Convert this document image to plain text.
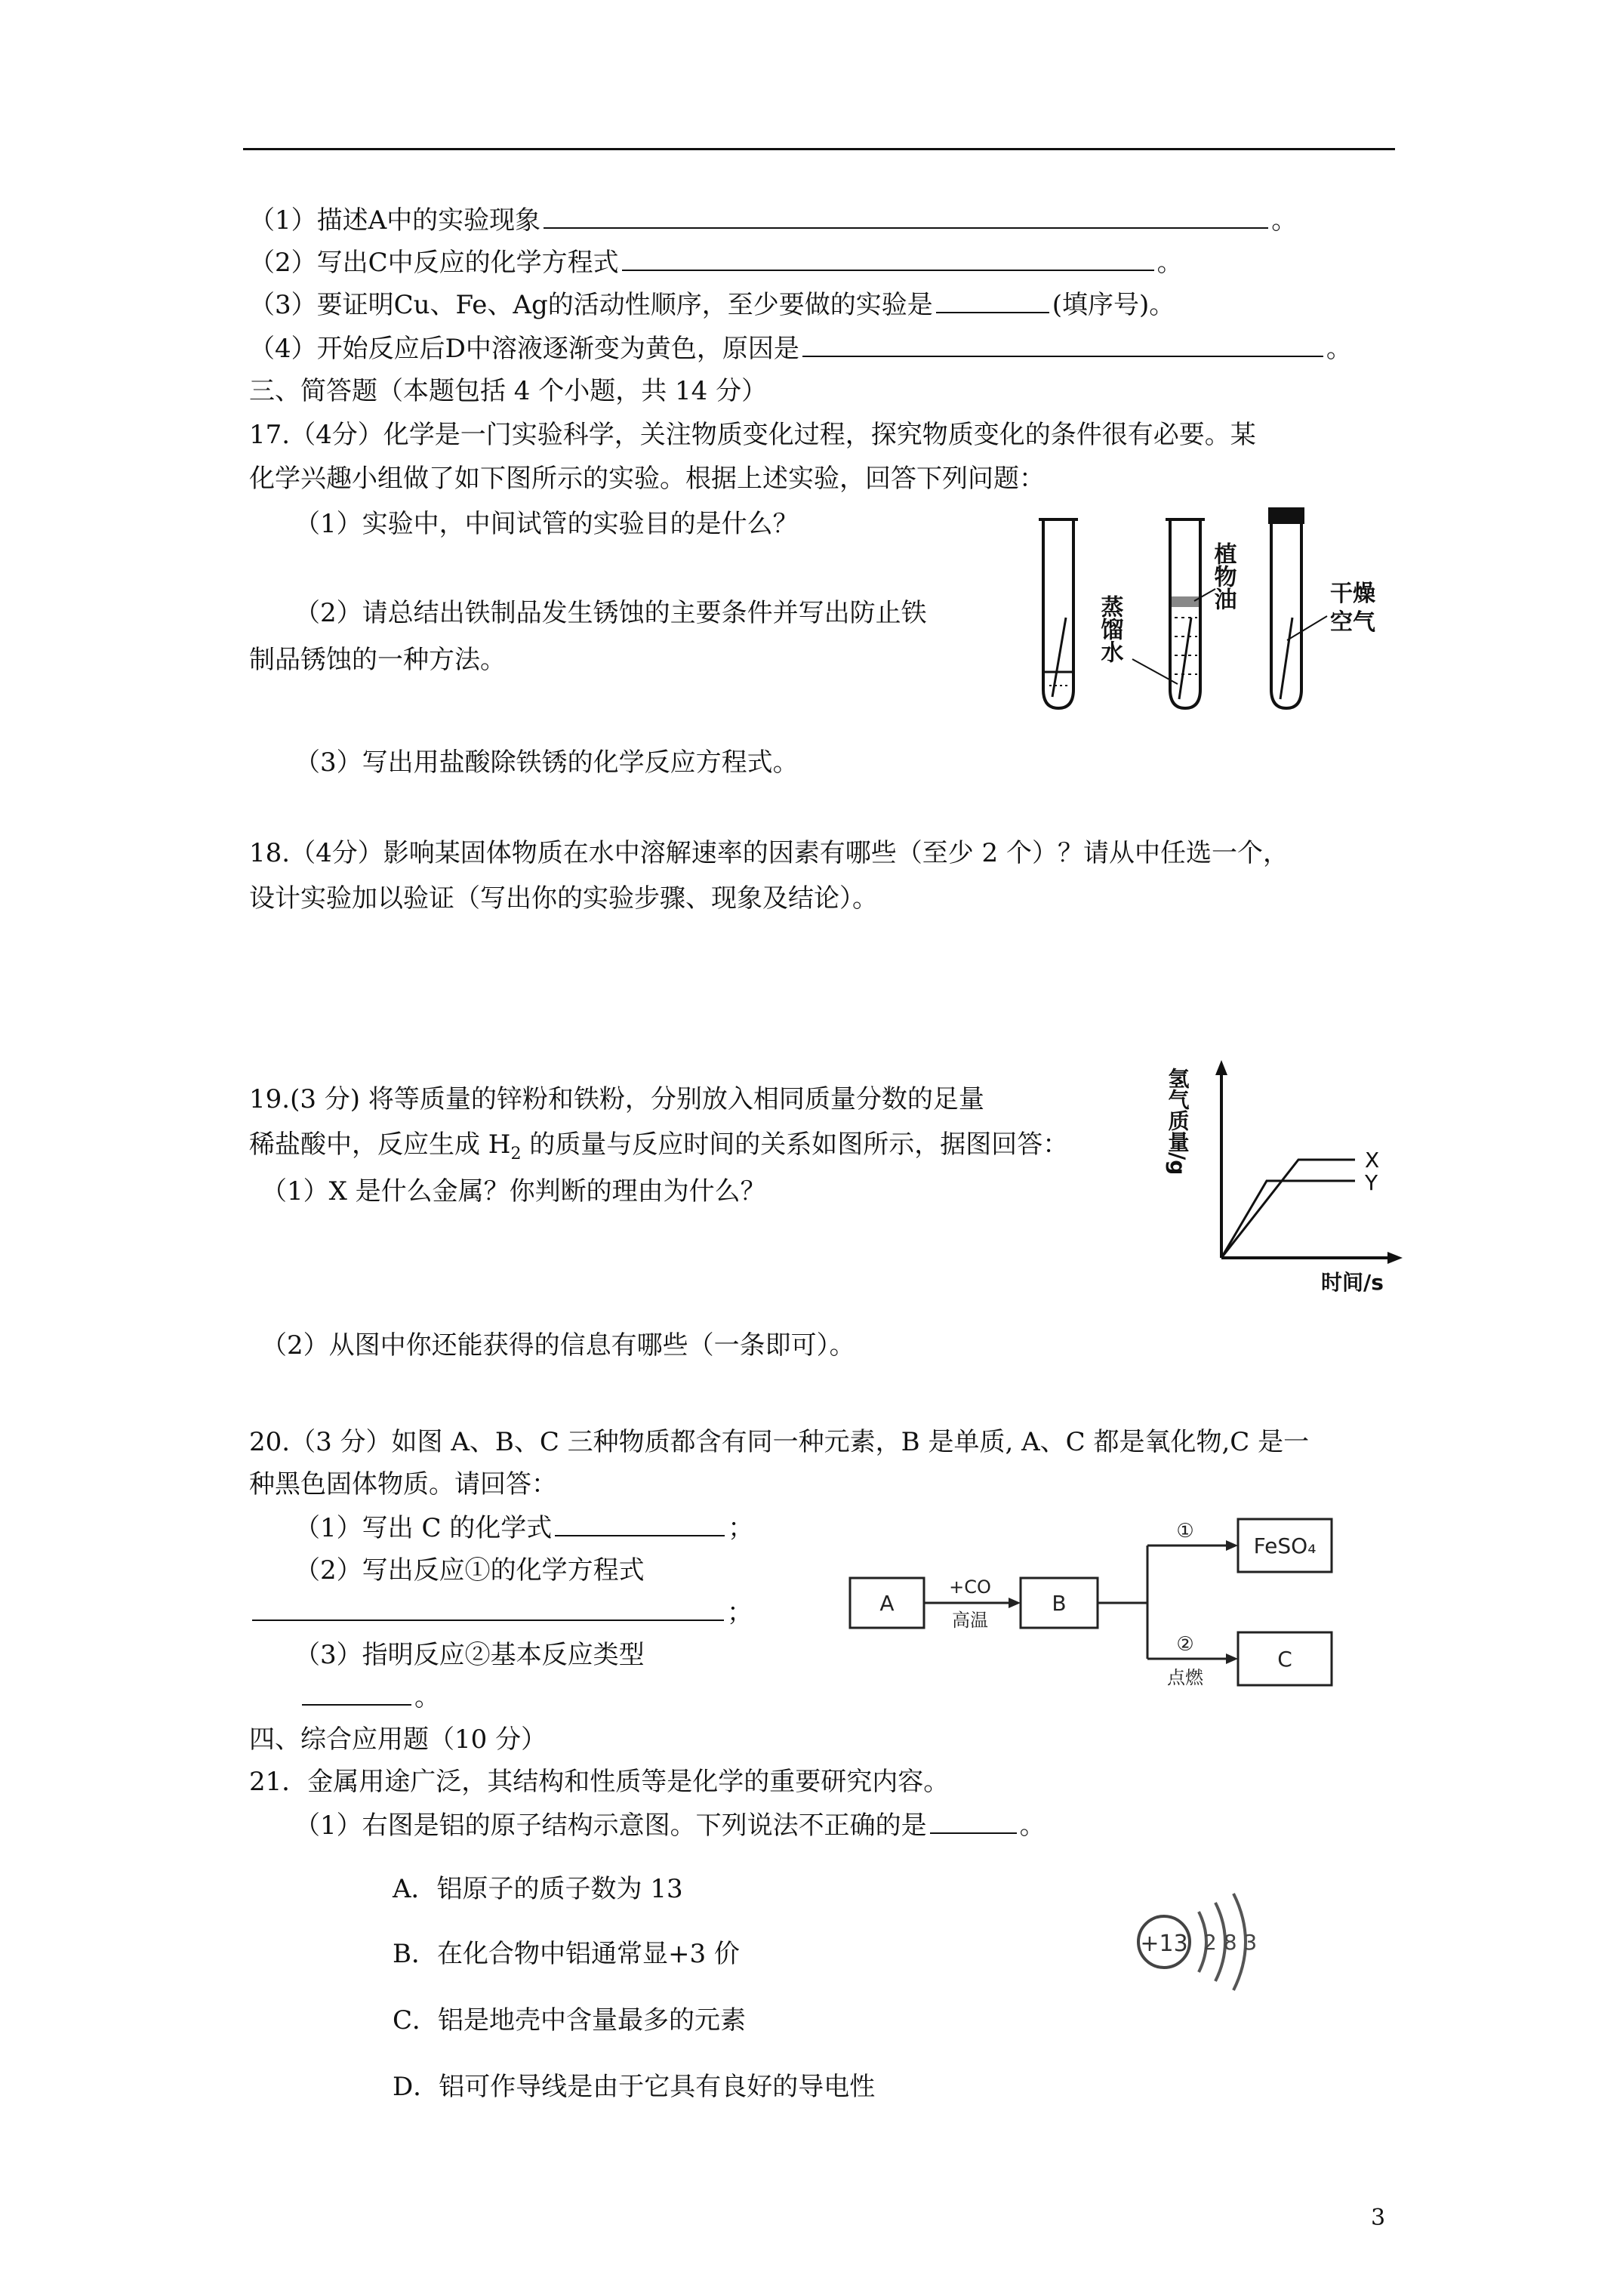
（1）描述A中的实验现象	。
（2）写出C中反应的化学方程式	。
（3）要证明Cu、Fe、Ag的活动性顺序，至少要做的实验是	(填序号)。
（4）开始反应后D中溶液逐渐变为黄色，原因是	。
三、简答题（本题包括 4 个小题，共 14 分）
17.（4分）化学是一门实验科学，关注物质变化过程，探究物质变化的条件很有必要。某
化学兴趣小组做了如下图所示的实验。根据上述实验，回答下列问题：
（1）实验中，中间试管的实验目的是什么？
（2）请总结出铁制品发生锈蚀的主要条件并写出防止铁
制品锈蚀的一种方法。
（3）写出用盐酸除铁锈的化学反应方程式。
蒸馏水
植物油	干燥
空气
18.（4分）影响某固体物质在水中溶解速率的因素有哪些（至少 2 个）？请从中任选一个，
设计实验加以验证（写出你的实验步骤、现象及结论）。
19.(3 分) 将等质量的锌粉和铁粉，分别放入相同质量分数的足量
稀盐酸中，反应生成 $H_2$ 的质量与反应时间的关系如图所示，据图回答：
（1）X 是什么金属？你判断的理由为什么？
（2）从图中你还能获得的信息有哪些（一条即可）。
X
Y
氢气质量/g
时间/s
20.（3 分）如图 A、B、C 三种物质都含有同一种元素，B 是单质, A、C 都是氧化物,C 是一
种黑色固体物质。请回答：
（1）写出 C 的化学式	；
（2）写出反应①的化学方程式
；
（3）指明反应②基本反应类型
。
A	B
FeSO₄
C
+CO
高温
①
②
点燃
四、综合应用题（10 分）
21．金属用途广泛，其结构和性质等是化学的重要研究内容。
（1）右图是铝的原子结构示意图。下列说法不正确的是	。
A．铝原子的质子数为 13
B．在化合物中铝通常显+3 价
C．铝是地壳中含量最多的元素
D．铝可作导线是由于它具有良好的导电性
+13 2 8 3
3
